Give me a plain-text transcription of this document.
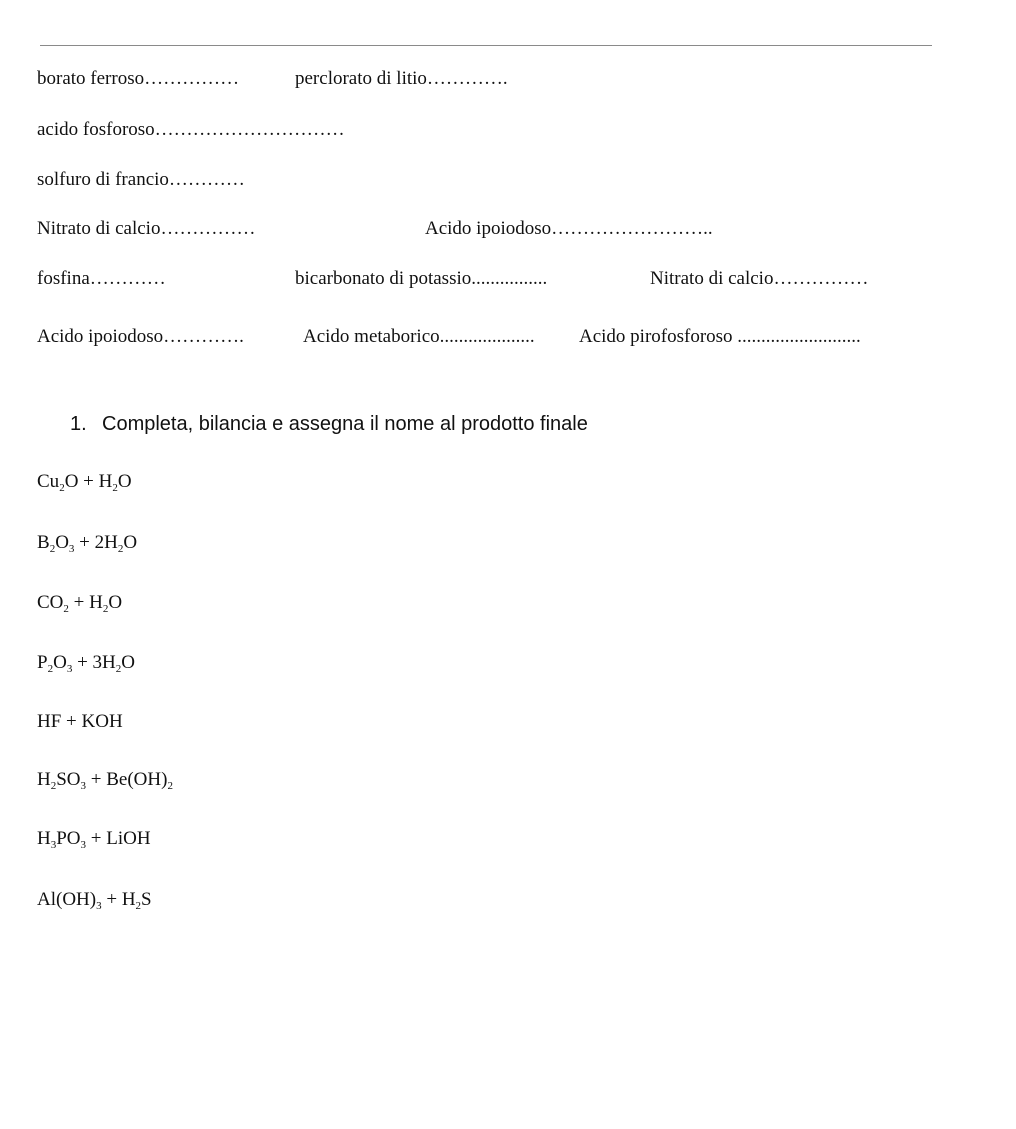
borato ferroso……………	perclorato di litio………….
acido fosforoso…………………………
solfuro di francio…………
Nitrato di calcio……………	Acido ipoiodoso……………………..
fosfina…………	bicarbonato di potassio................	Nitrato di calcio……………
Acido ipoiodoso………….	Acido metaborico.................... Acido pirofosforoso ..........................
1. Completa, bilancia e assegna il nome al prodotto finale
$Cu_2O + H_2O$
$B_2O_3 + 2H_2O$
$CO_2 + H_2O$
$P_2O_3 + 3H_2O$
HF + KOH
$H_2SO_3 + Be(OH)_2$
$H_3PO_3$ + LiOH
$Al(OH)_3 + H_2S$
